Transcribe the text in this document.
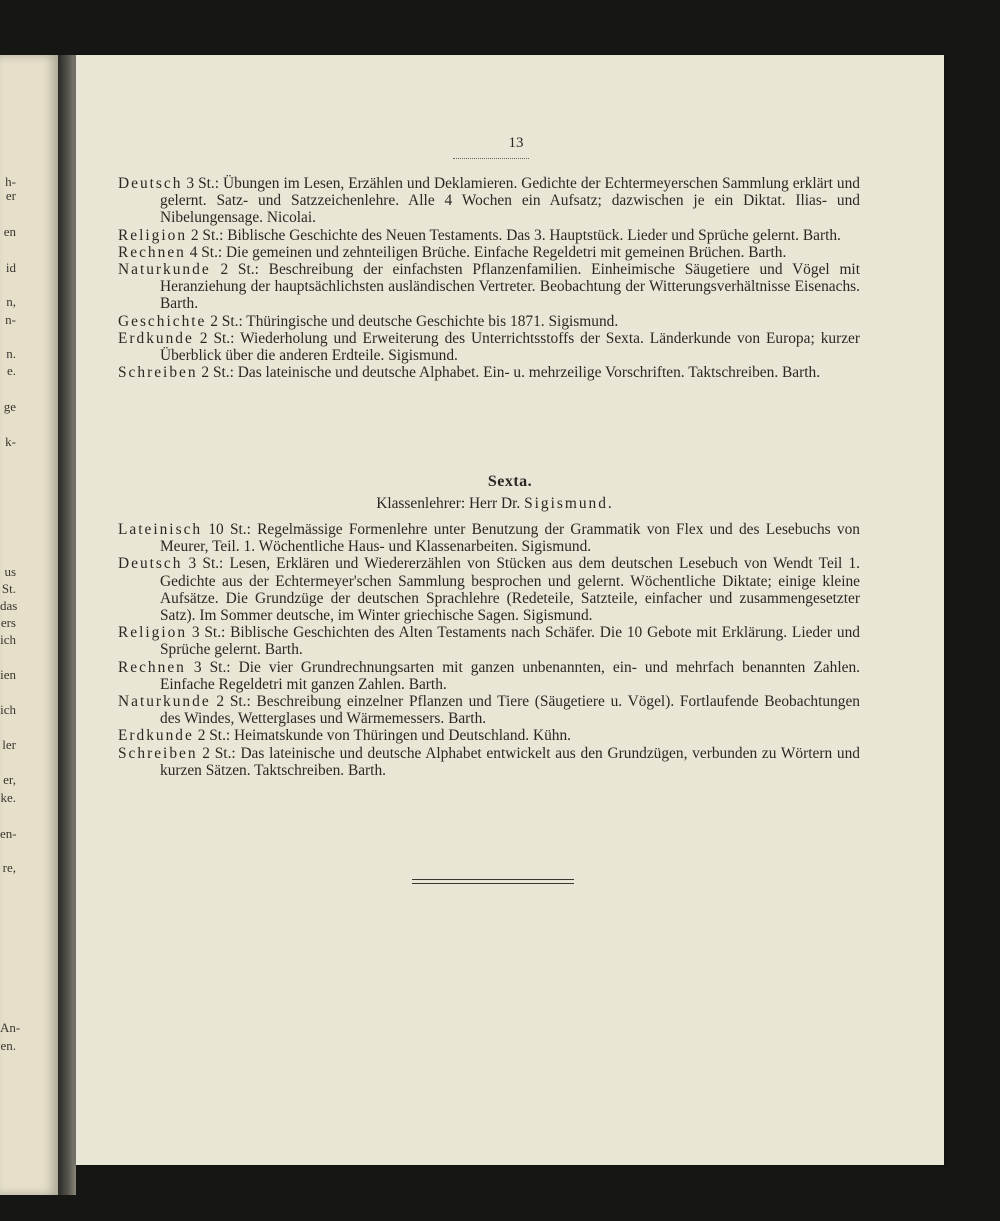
h-
er
en
id
n,
n-
n.
e.
ge
k-
us
St.
das
ers
ich
ien
ich
ler
er,
ke.
en-
re,
An-
en.
13

Deutsch 3 St.: Übungen im Lesen, Erzählen und Deklamieren. Gedichte der Echtermeyerschen Sammlung erklärt und gelernt. Satz- und Satzzeichenlehre. Alle 4 Wochen ein Aufsatz; dazwischen je ein Diktat. Ilias- und Nibelungensage. Nicolai.

Religion 2 St.: Biblische Geschichte des Neuen Testaments. Das 3. Hauptstück. Lieder und Sprüche gelernt. Barth.

Rechnen 4 St.: Die gemeinen und zehnteiligen Brüche. Einfache Regeldetri mit gemeinen Brüchen. Barth.

Naturkunde 2 St.: Beschreibung der einfachsten Pflanzenfamilien. Einheimische Säugetiere und Vögel mit Heranziehung der hauptsächlichsten ausländischen Vertreter. Beobachtung der Witterungsverhältnisse Eisenachs. Barth.

Geschichte 2 St.: Thüringische und deutsche Geschichte bis 1871. Sigismund.

Erdkunde 2 St.: Wiederholung und Erweiterung des Unterrichtsstoffs der Sexta. Länderkunde von Europa; kurzer Überblick über die anderen Erdteile. Sigismund.

Schreiben 2 St.: Das lateinische und deutsche Alphabet. Ein- u. mehrzeilige Vorschriften. Taktschreiben. Barth.

Sexta.
Klassenlehrer: Herr Dr. Sigismund.

Lateinisch 10 St.: Regelmässige Formenlehre unter Benutzung der Grammatik von Flex und des Lesebuchs von Meurer, Teil. 1. Wöchentliche Haus- und Klassenarbeiten. Sigismund.

Deutsch 3 St.: Lesen, Erklären und Wiedererzählen von Stücken aus dem deutschen Lesebuch von Wendt Teil 1. Gedichte aus der Echtermeyer'schen Sammlung besprochen und gelernt. Wöchentliche Diktate; einige kleine Aufsätze. Die Grundzüge der deutschen Sprachlehre (Redeteile, Satzteile, einfacher und zusammengesetzter Satz). Im Sommer deutsche, im Winter griechische Sagen. Sigismund.

Religion 3 St.: Biblische Geschichten des Alten Testaments nach Schäfer. Die 10 Gebote mit Erklärung. Lieder und Sprüche gelernt. Barth.

Rechnen 3 St.: Die vier Grundrechnungsarten mit ganzen unbenannten, ein- und mehrfach benannten Zahlen. Einfache Regeldetri mit ganzen Zahlen. Barth.

Naturkunde 2 St.: Beschreibung einzelner Pflanzen und Tiere (Säugetiere u. Vögel). Fortlaufende Beobachtungen des Windes, Wetterglases und Wärmemessers. Barth.

Erdkunde 2 St.: Heimatskunde von Thüringen und Deutschland. Kühn.

Schreiben 2 St.: Das lateinische und deutsche Alphabet entwickelt aus den Grundzügen, verbunden zu Wörtern und kurzen Sätzen. Taktschreiben. Barth.
